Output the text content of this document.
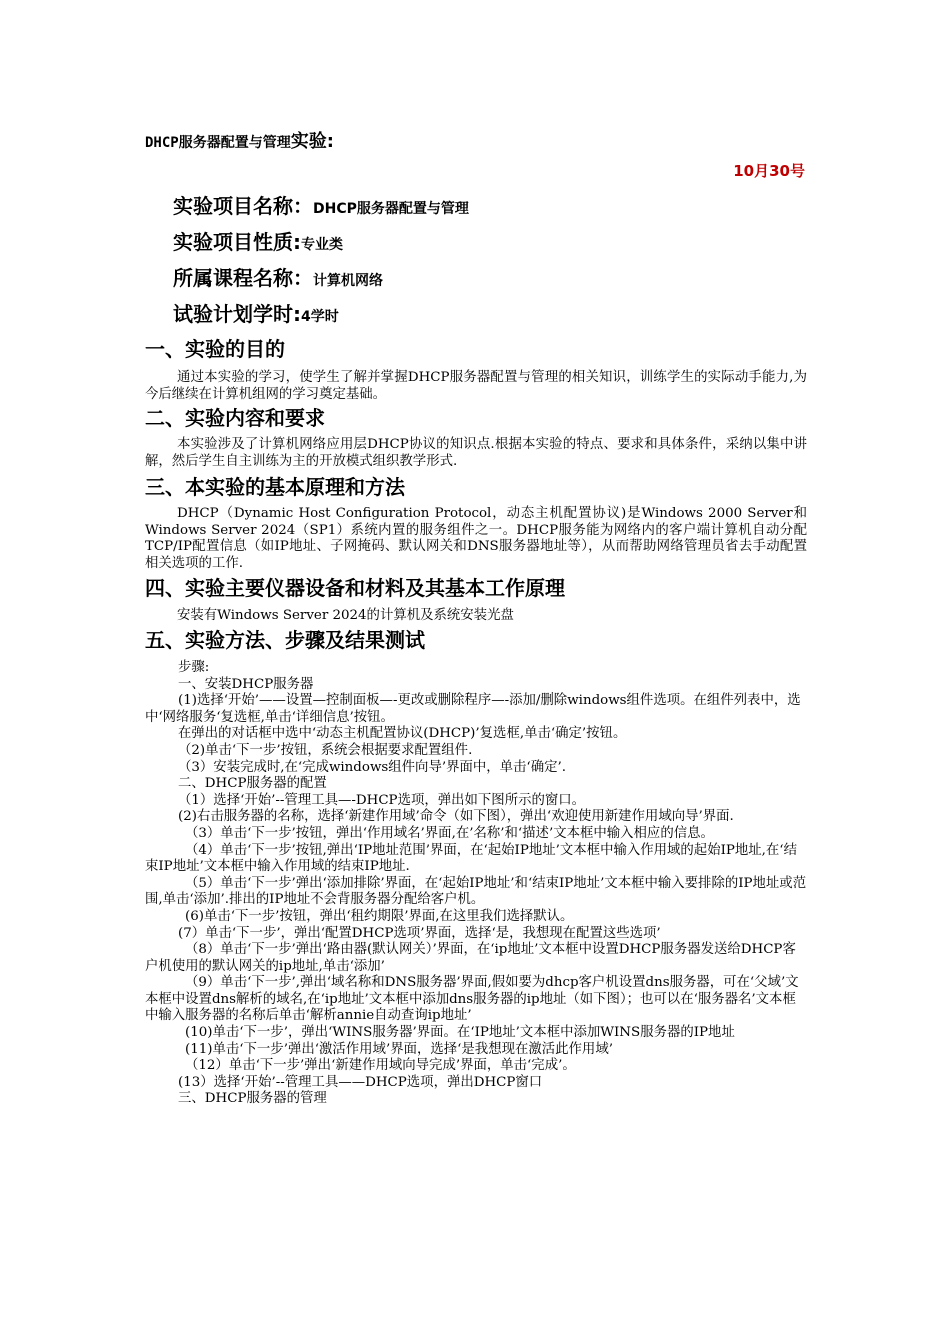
DHCP服务器配置与管理实验:
10月30号
实验项目名称：DHCP服务器配置与管理
实验项目性质:专业类
所属课程名称：计算机网络
试验计划学时:4学时
一、实验的目的

通过本实验的学习，使学生了解并掌握DHCP服务器配置与管理的相关知识，训练学生的实际动手能力,为今后继续在计算机组网的学习奠定基础。

二、实验内容和要求

本实验涉及了计算机网络应用层DHCP协议的知识点.根据本实验的特点、要求和具体条件，采纳以集中讲解，然后学生自主训练为主的开放模式组织教学形式.

三、本实验的基本原理和方法

DHCP（Dynamic Host Configuration Protocol，动态主机配置协议)是Windows 2000 Server和Windows Server 2024（SP1）系统内置的服务组件之一。DHCP服务能为网络内的客户端计算机自动分配TCP/IP配置信息（如IP地址、子网掩码、默认网关和DNS服务器地址等），从而帮助网络管理员省去手动配置相关选项的工作.

四、实验主要仪器设备和材料及其基本工作原理

安装有Windows Server 2024的计算机及系统安装光盘

五、实验方法、步骤及结果测试

步骤:

一、安装DHCP服务器

(1)选择‘开始’——设置—控制面板—-更改或删除程序—-添加/删除windows组件选项。在组件列表中，选中‘网络服务‘复选框,单击‘详细信息’按钮。

在弹出的对话框中选中‘动态主机配置协议(DHCP)’复选框,单击‘确定’按钮。

（2)单击‘下一步’按钮，系统会根据要求配置组件.

（3）安装完成时,在‘完成windows组件向导’界面中，单击‘确定’.

二、DHCP服务器的配置

（1）选择‘开始’--管理工具—-DHCP选项，弹出如下图所示的窗口。

(2)右击服务器的名称，选择‘新建作用域’命令（如下图），弹出‘欢迎使用新建作用域向导’界面.

（3）单击‘下一步’按钮，弹出‘作用域名’界面,在’名称’和‘描述’文本框中输入相应的信息。

（4）单击‘下一步’按钮,弹出‘IP地址范围’界面，在‘起始IP地址’文本框中输入作用域的起始IP地址,在‘结束IP地址’文本框中输入作用域的结束IP地址.

（5）单击‘下一步’弹出‘添加排除’界面，在‘起始IP地址’和‘结束IP地址’文本框中输入要排除的IP地址或范围,单击‘添加’.排出的IP地址不会背服务器分配给客户机。

(6)单击‘下一步’按钮，弹出‘租约期限’界面,在这里我们选择默认。

(7）单击‘下一步’，弹出‘配置DHCP选项’界面，选择‘是，我想现在配置这些选项’

（8）单击‘下一步’弹出‘路由器(默认网关）’界面，在‘ip地址’文本框中设置DHCP服务器发送给DHCP客户机使用的默认网关的ip地址,单击‘添加’

（9）单击‘下一步’,弹出‘域名称和DNS服务器’界面,假如要为dhcp客户机设置dns服务器，可在‘父域’文本框中设置dns解析的域名,在‘ip地址’文本框中添加dns服务器的ip地址（如下图）；也可以在‘服务器名’文本框中输入服务器的名称后单击‘解析annie自动查询ip地址’

(10)单击‘下一步’，弹出‘WINS服务器’界面。在‘IP地址’文本框中添加WINS服务器的IP地址

(11)单击‘下一步’弹出‘激活作用域’界面，选择‘是我想现在激活此作用域’

（12）单击‘下一步’弹出‘新建作用域向导完成’界面，单击‘完成’。

(13）选择‘开始’--管理工具——DHCP选项，弹出DHCP窗口

三、DHCP服务器的管理
